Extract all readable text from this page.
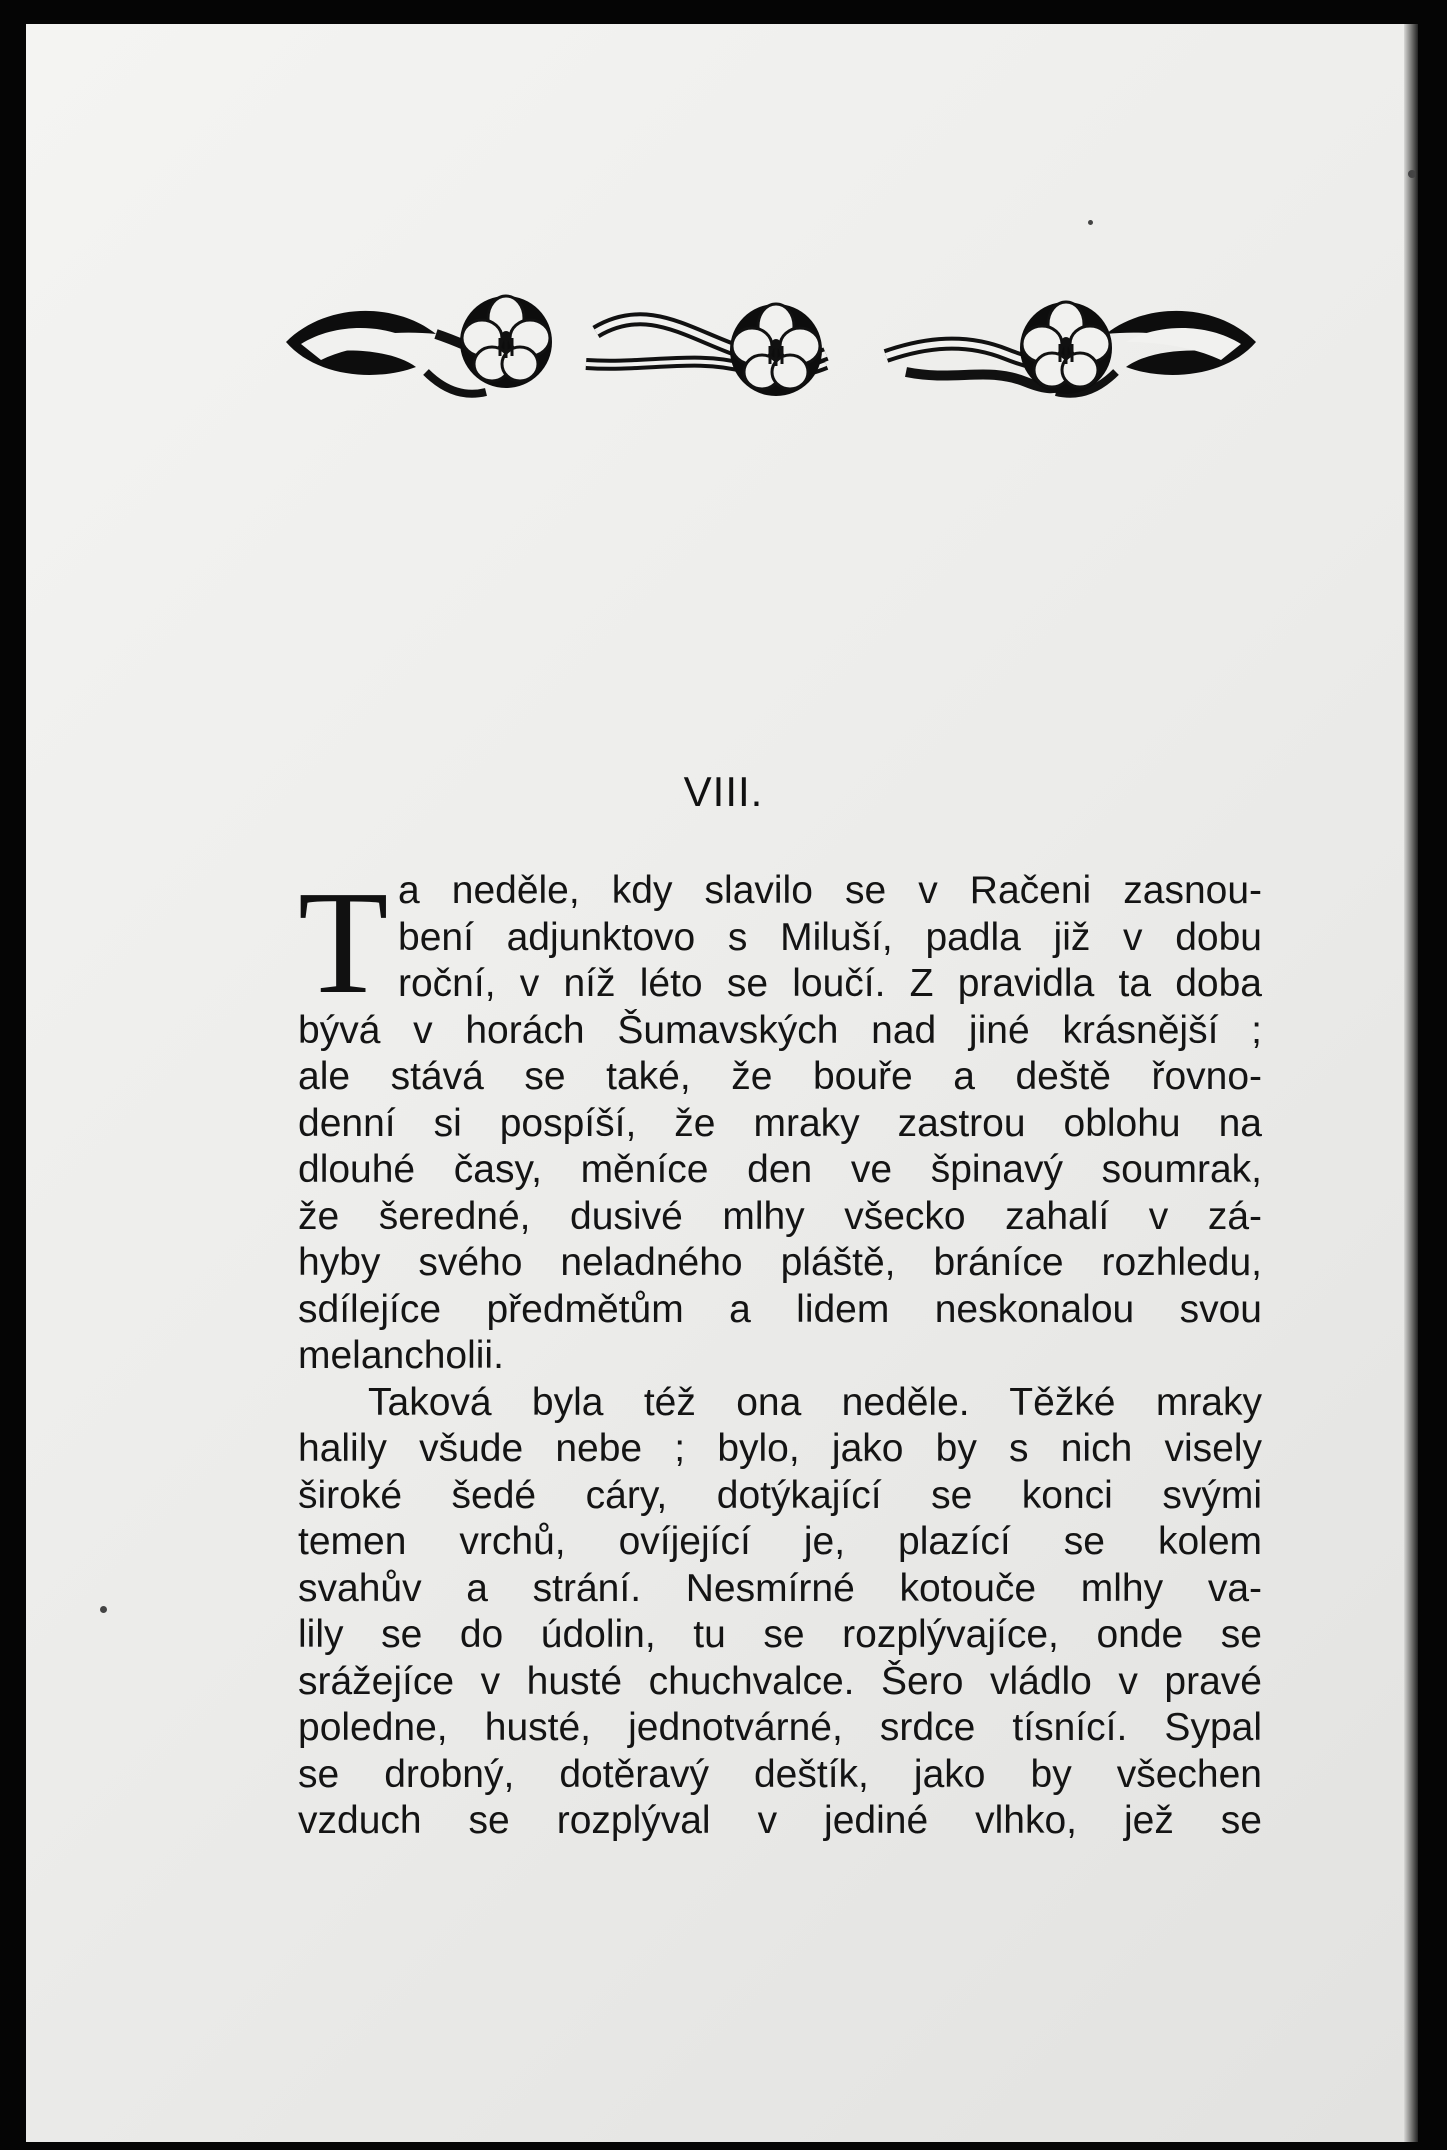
VIII.
T a neděle, kdy slavilo se v Račeni zasnou-
bení adjunktovo s Miluší, padla již v dobu
roční, v níž léto se loučí. Z pravidla ta doba
bývá v horách Šumavských nad jiné krásnější ;
ale stává se také, že bouře a deště řovno-
denní si pospíší, že mraky zastrou oblohu na
dlouhé časy, měníce den ve špinavý soumrak,
že šeredné, dusivé mlhy všecko zahalí v zá-
hyby svého neladného pláště, bráníce rozhledu,
sdílejíce předmětům a lidem neskonalou svou
melancholii.
Taková byla též ona neděle. Těžké mraky
halily všude nebe ; bylo, jako by s nich visely
široké šedé cáry, dotýkající se konci svými
temen vrchů, ovíjející je, plazící se kolem
svahův a strání. Nesmírné kotouče mlhy va-
lily se do údolin, tu se rozplývajíce, onde se
srážejíce v husté chuchvalce. Šero vládlo v pravé
poledne, husté, jednotvárné, srdce tísnící. Sypal
se drobný, dotěravý deštík, jako by všechen
vzduch se rozplýval v jediné vlhko, jež se
